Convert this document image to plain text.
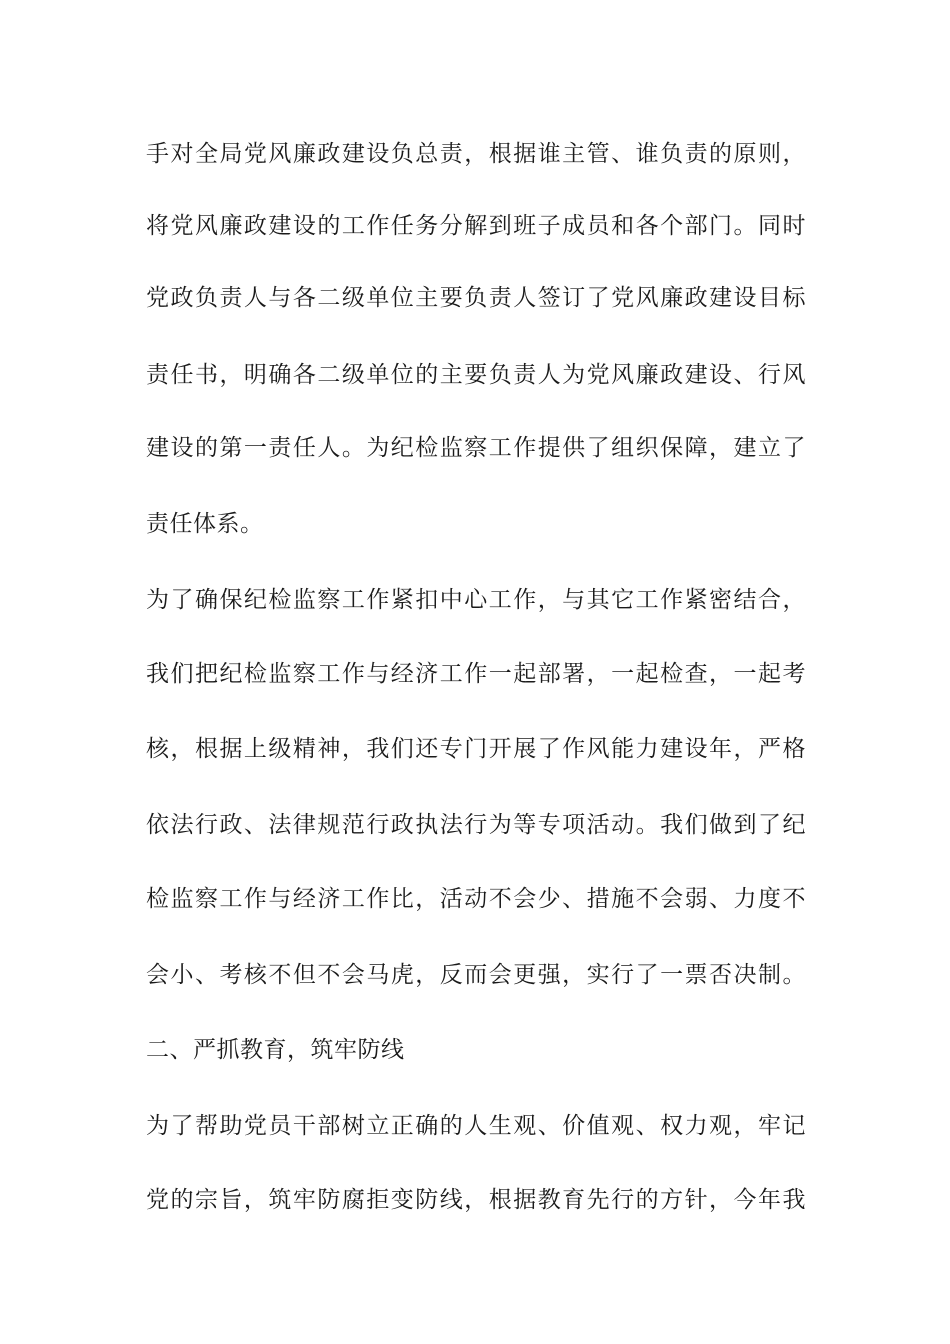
手对全局党风廉政建设负总责，根据谁主管、谁负责的原则，
将党风廉政建设的工作任务分解到班子成员和各个部门。同时
党政负责人与各二级单位主要负责人签订了党风廉政建设目标
责任书，明确各二级单位的主要负责人为党风廉政建设、行风
建设的第一责任人。为纪检监察工作提供了组织保障，建立了
责任体系。
为了确保纪检监察工作紧扣中心工作，与其它工作紧密结合，
我们把纪检监察工作与经济工作一起部署，一起检查，一起考
核，根据上级精神，我们还专门开展了作风能力建设年，严格
依法行政、法律规范行政执法行为等专项活动。我们做到了纪
检监察工作与经济工作比，活动不会少、措施不会弱、力度不
会小、考核不但不会马虎，反而会更强，实行了一票否决制。
二、严抓教育，筑牢防线
为了帮助党员干部树立正确的人生观、价值观、权力观，牢记
党的宗旨，筑牢防腐拒变防线，根据教育先行的方针，今年我
